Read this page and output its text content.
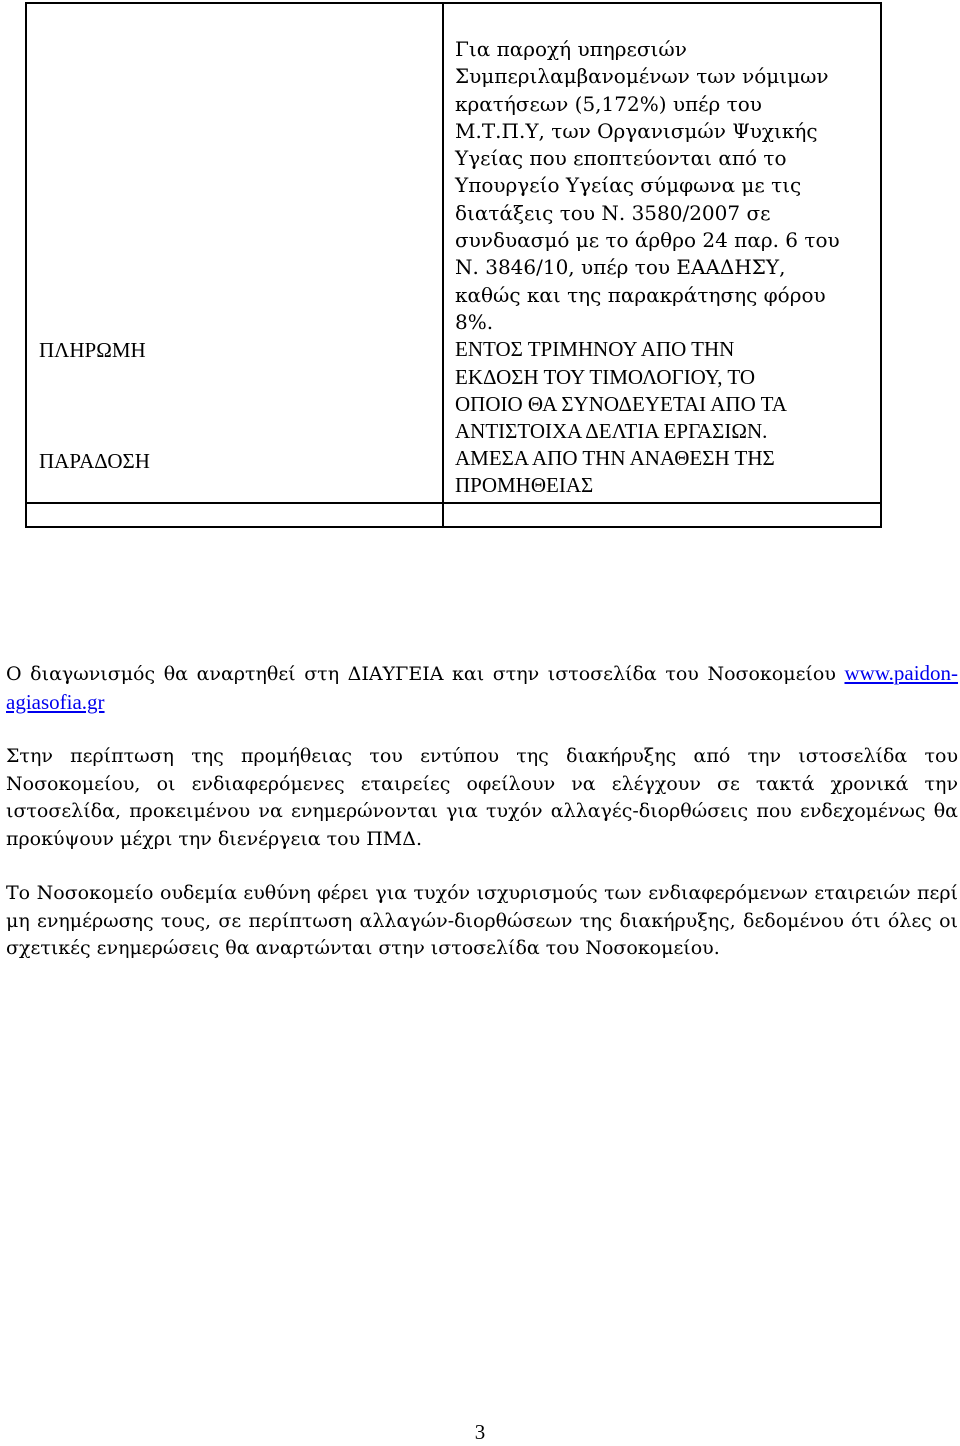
ΠΛΗΡΩΜΗ
ΠΑΡΑΔΟΣΗ
Για παροχή υπηρεσιών
Συμπεριλαμβανομένων των νόμιμων
κρατήσεων (5,172%) υπέρ του
Μ.Τ.Π.Υ, των Οργανισμών Ψυχικής
Υγείας που εποπτεύονται από το
Υπουργείο Υγείας σύμφωνα με τις
διατάξεις του Ν. 3580/2007 σε
συνδυασμό με το άρθρο 24 παρ. 6 του
Ν. 3846/10, υπέρ του ΕΑΑΔΗΣΥ,
καθώς και της παρακράτησης φόρου
8%.
ΕΝΤΟΣ ΤΡΙΜΗΝΟΥ ΑΠΟ ΤΗΝ
ΕΚΔΟΣΗ ΤΟΥ ΤΙΜΟΛΟΓΙΟΥ, ΤΟ
ΟΠΟΙΟ ΘΑ ΣΥΝΟΔΕΥΕΤΑΙ ΑΠΟ ΤΑ
ΑΝΤΙΣΤΟΙΧΑ ΔΕΛΤΙΑ ΕΡΓΑΣΙΩΝ.
ΑΜΕΣΑ ΑΠΟ ΤΗΝ ΑΝΑΘΕΣΗ ΤΗΣ
ΠΡΟΜΗΘΕΙΑΣ
Ο διαγωνισμός θα αναρτηθεί στη ΔΙΑΥΓΕΙΑ και στην ιστοσελίδα του Νοσοκομείου www.paidon-agiasofia.gr
Στην περίπτωση της προμήθειας του εντύπου της διακήρυξης από την ιστοσελίδα του Νοσοκομείου, οι ενδιαφερόμενες εταιρείες οφείλουν να ελέγχουν σε τακτά χρονικά την ιστοσελίδα, προκειμένου να ενημερώνονται για τυχόν αλλαγές-διορθώσεις που ενδεχομένως θα προκύψουν μέχρι την διενέργεια του ΠΜΔ.
Το Νοσοκομείο ουδεμία ευθύνη φέρει για τυχόν ισχυρισμούς των ενδιαφερόμενων εταιρειών περί μη ενημέρωσης τους, σε περίπτωση αλλαγών-διορθώσεων της διακήρυξης, δεδομένου ότι όλες οι σχετικές ενημερώσεις θα αναρτώνται στην ιστοσελίδα του Νοσοκομείου.
3
